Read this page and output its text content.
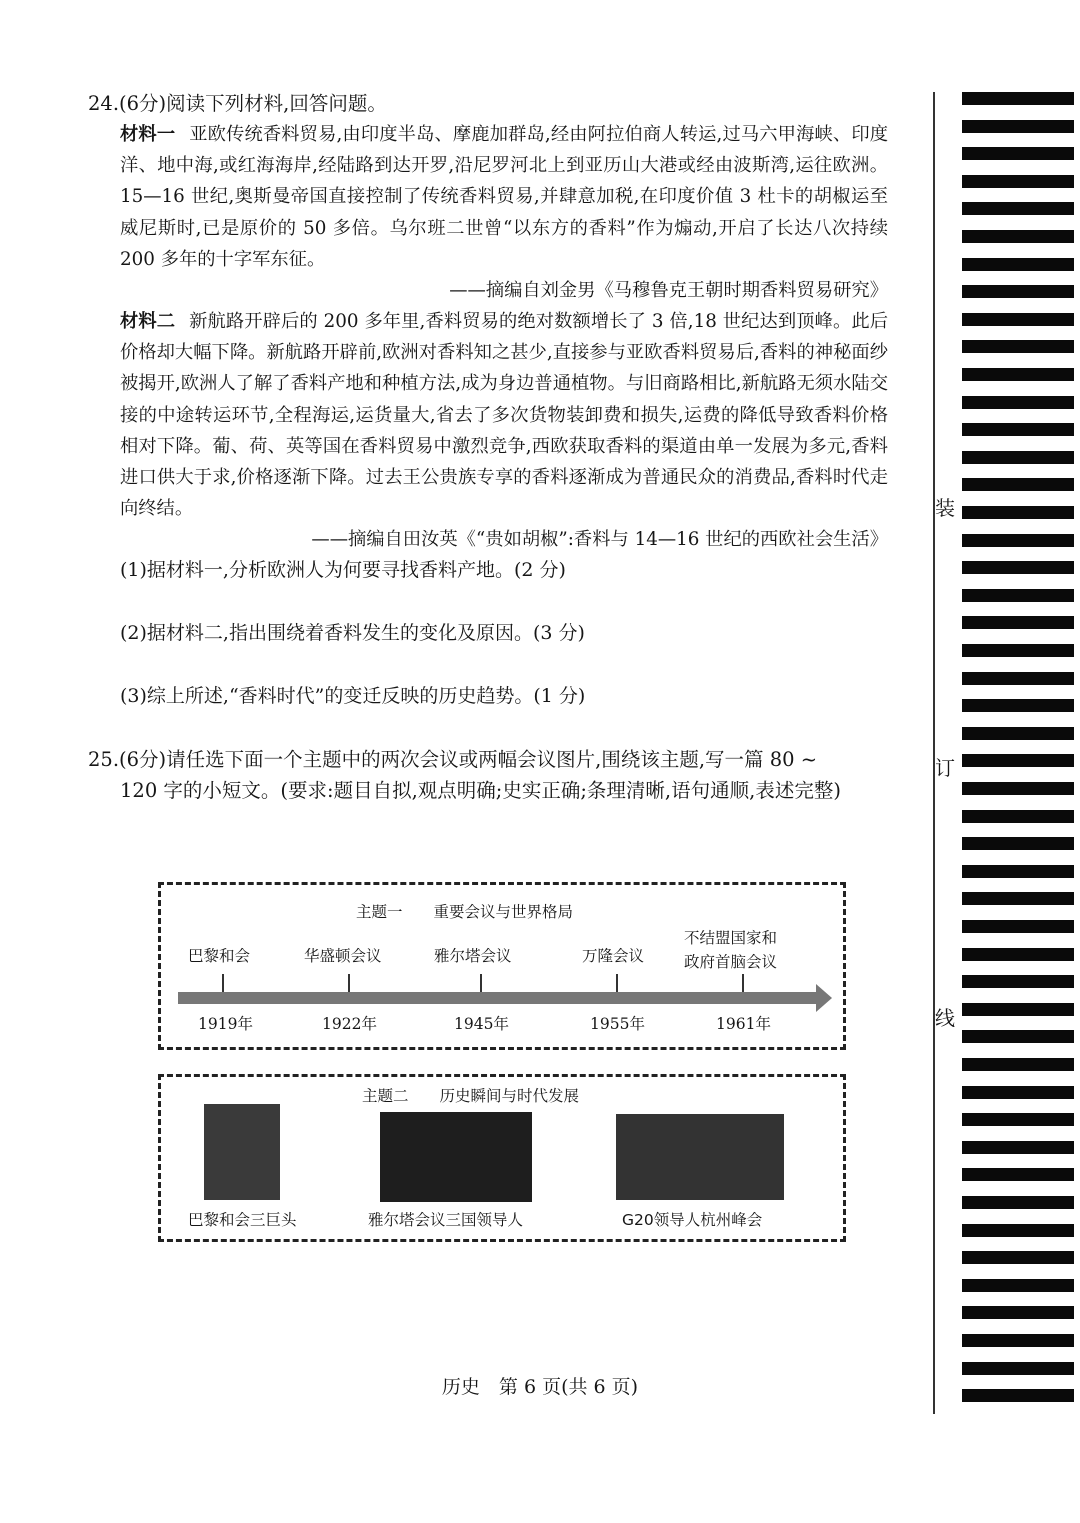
24.(6分)阅读下列材料,回答问题。

材料一 亚欧传统香料贸易,由印度半岛、摩鹿加群岛,经由阿拉伯商人转运,过马六甲海峡、印度洋、地中海,或红海海岸,经陆路到达开罗,沿尼罗河北上到亚历山大港或经由波斯湾,运往欧洲。15—16 世纪,奥斯曼帝国直接控制了传统香料贸易,并肆意加税,在印度价值 3 杜卡的胡椒运至威尼斯时,已是原价的 50 多倍。乌尔班二世曾“以东方的香料”作为煽动,开启了长达八次持续 200 多年的十字军东征。

——摘编自刘金男《马穆鲁克王朝时期香料贸易研究》

材料二 新航路开辟后的 200 多年里,香料贸易的绝对数额增长了 3 倍,18 世纪达到顶峰。此后价格却大幅下降。新航路开辟前,欧洲对香料知之甚少,直接参与亚欧香料贸易后,香料的神秘面纱被揭开,欧洲人了解了香料产地和种植方法,成为身边普通植物。与旧商路相比,新航路无须水陆交接的中途转运环节,全程海运,运货量大,省去了多次货物装卸费和损失,运费的降低导致香料价格相对下降。葡、荷、英等国在香料贸易中激烈竞争,西欧获取香料的渠道由单一发展为多元,香料进口供大于求,价格逐渐下降。过去王公贵族专享的香料逐渐成为普通民众的消费品,香料时代走向终结。

——摘编自田汝英《“贵如胡椒”:香料与 14—16 世纪的西欧社会生活》

(1)据材料一,分析欧洲人为何要寻找香料产地。(2 分)

(2)据材料二,指出围绕着香料发生的变化及原因。(3 分)

(3)综上所述,“香料时代”的变迁反映的历史趋势。(1 分)

25.(6分)请任选下面一个主题中的两次会议或两幅会议图片,围绕该主题,写一篇 80 ~
120 字的小短文。(要求:题目自拟,观点明确;史实正确;条理清晰,语句通顺,表述完整)
主题一　　重要会议与世界格局
巴黎和会	华盛顿会议	雅尔塔会议	万隆会议
不结盟国家和
政府首脑会议
1919年	1922年	1945年	1955年	1961年
主题二　　历史瞬间与时代发展
巴黎和会三巨头	雅尔塔会议三国领导人	G20领导人杭州峰会
历史　第 6 页(共 6 页)
装
订
线
